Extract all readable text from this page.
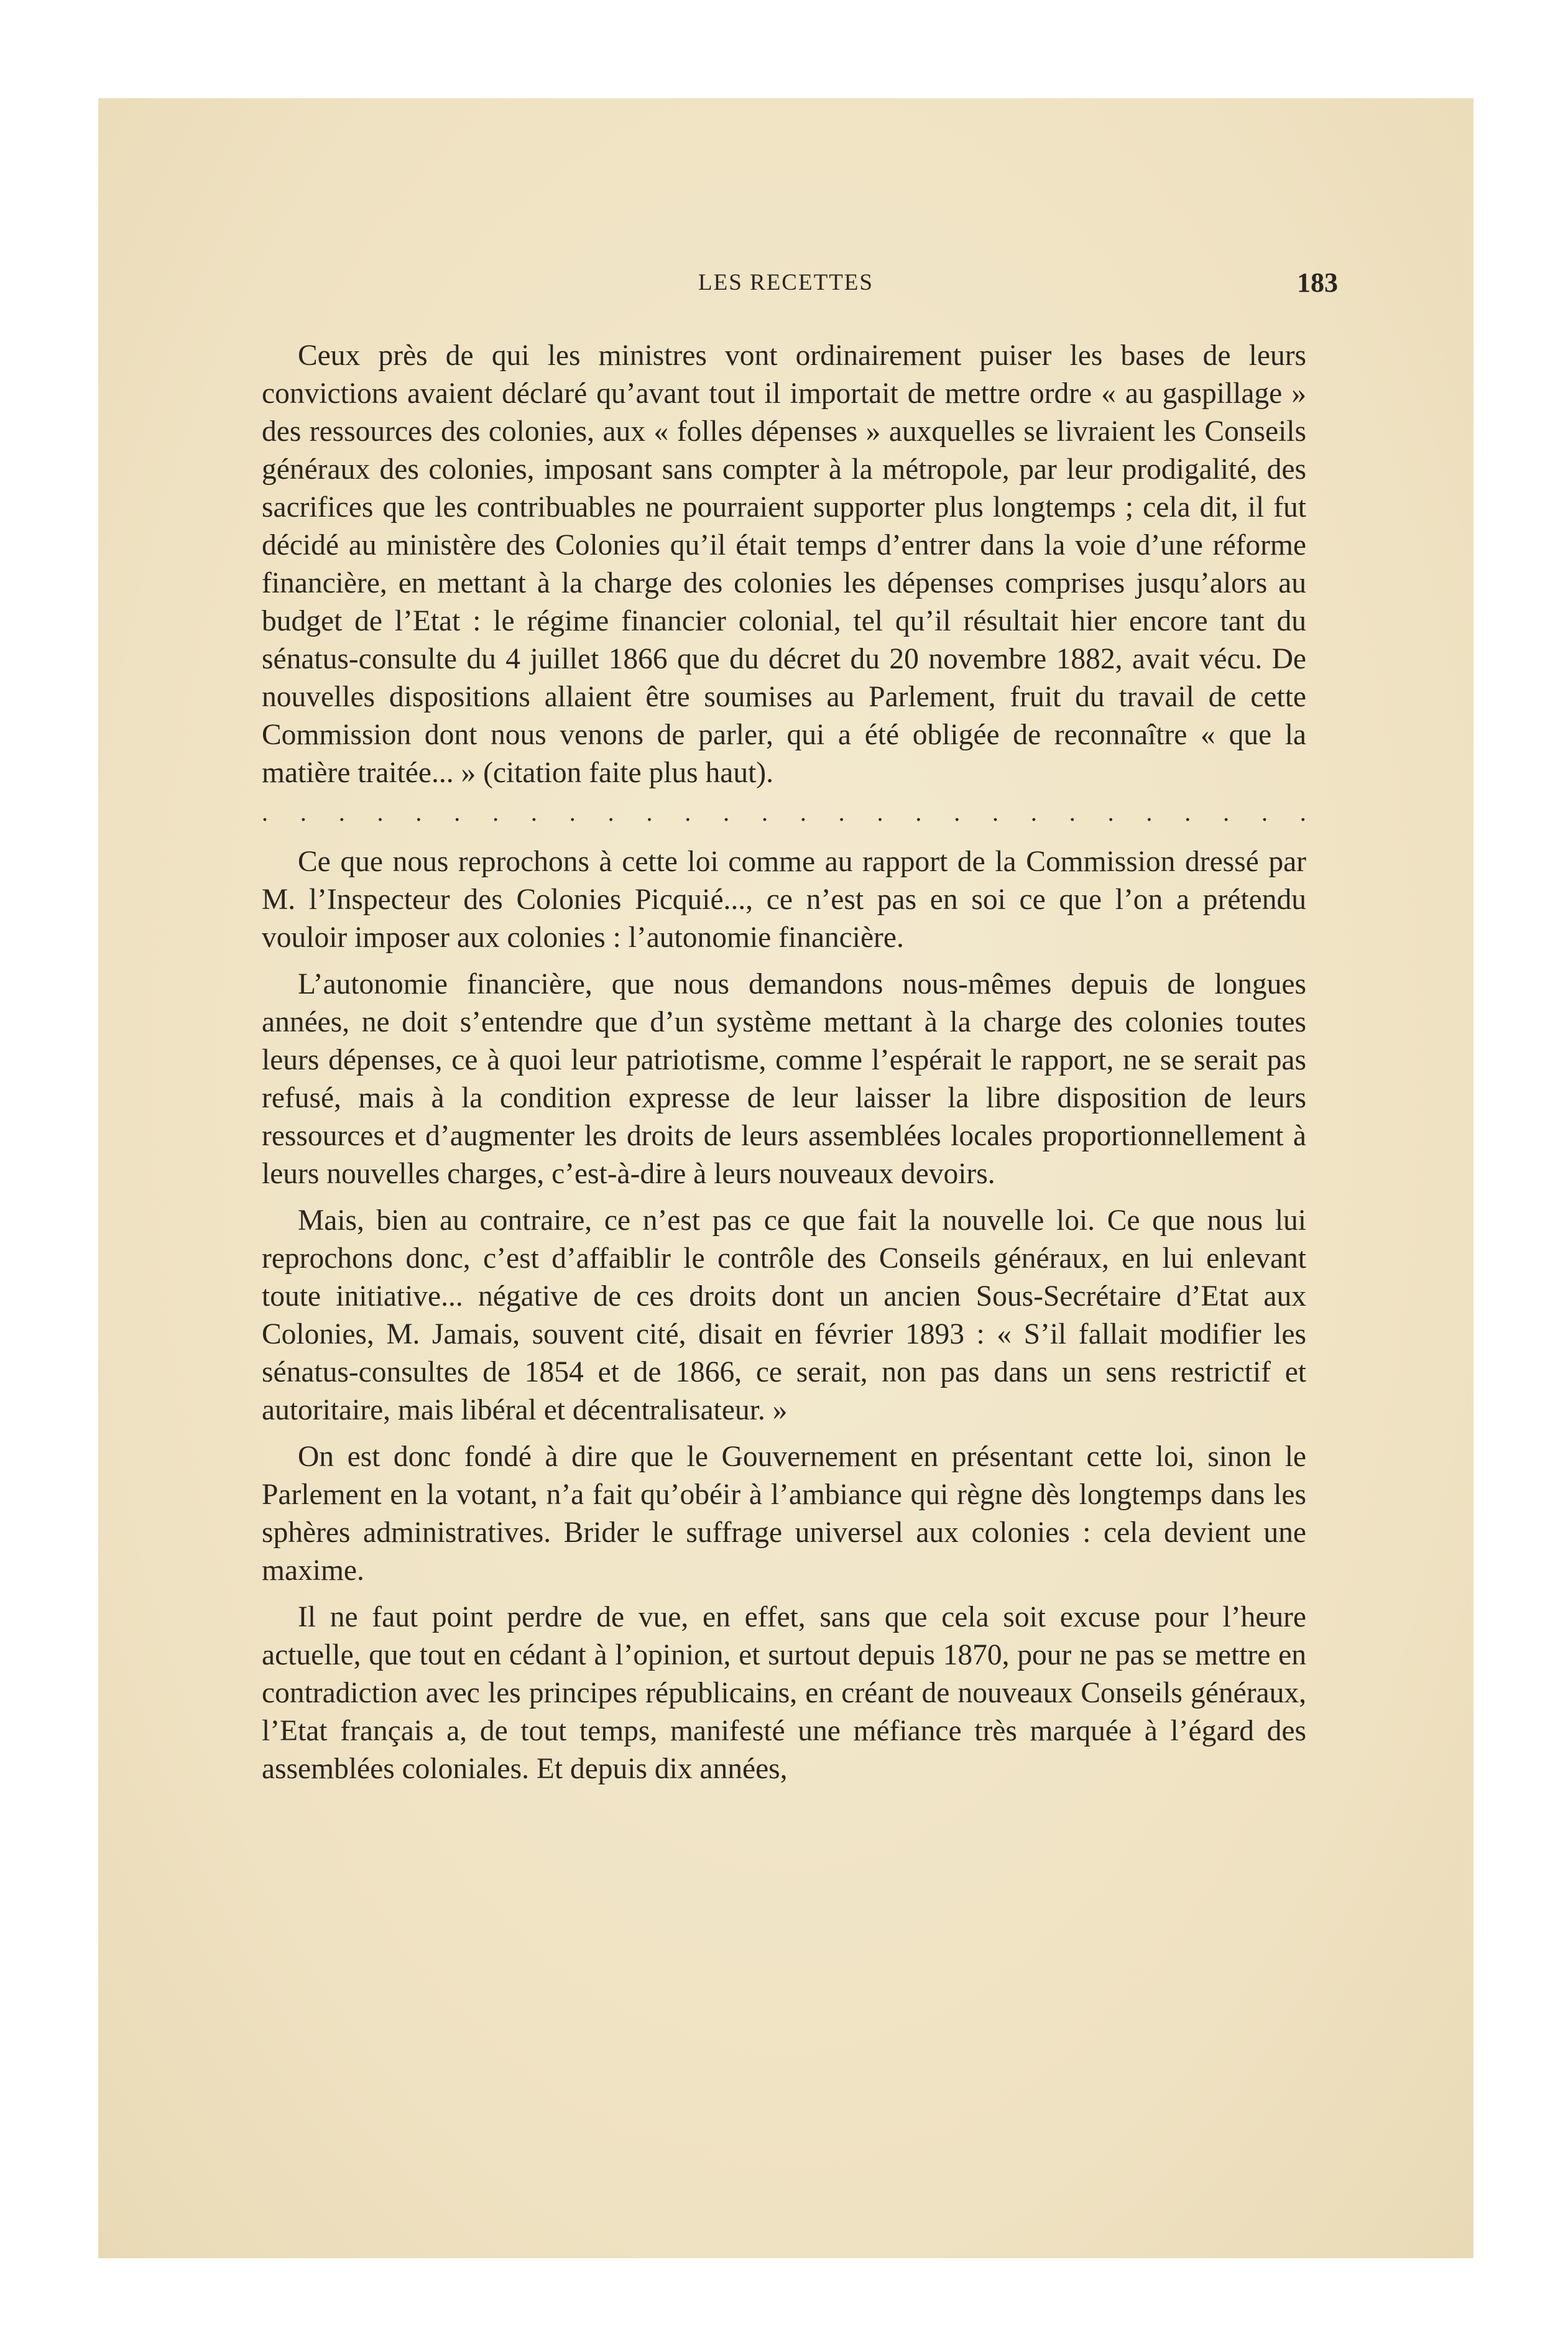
LES RECETTES	183

Ceux près de qui les ministres vont ordinairement puiser les bases de leurs convictions avaient déclaré qu’avant tout il importait de mettre ordre « au gaspillage » des ressources des colonies, aux « folles dépenses » auxquelles se livraient les Conseils généraux des colonies, imposant sans compter à la métropole, par leur prodigalité, des sacrifices que les contribuables ne pourraient supporter plus longtemps ; cela dit, il fut décidé au ministère des Colonies qu’il était temps d’entrer dans la voie d’une réforme financière, en mettant à la charge des colonies les dépenses comprises jusqu’alors au budget de l’Etat : le régime financier colonial, tel qu’il résultait hier encore tant du sénatus-consulte du 4 juillet 1866 que du décret du 20 novembre 1882, avait vécu. De nouvelles dispositions allaient être soumises au Parlement, fruit du travail de cette Commission dont nous venons de parler, qui a été obligée de reconnaître « que la matière traitée... » (citation faite plus haut).

. . . . . . . . . . . . . . . . . . . . . . . . . . . .

Ce que nous reprochons à cette loi comme au rapport de la Commission dressé par M. l’Inspecteur des Colonies Picquié..., ce n’est pas en soi ce que l’on a prétendu vouloir imposer aux colonies : l’autonomie financière.

L’autonomie financière, que nous demandons nous-mêmes depuis de longues années, ne doit s’entendre que d’un système mettant à la charge des colonies toutes leurs dépenses, ce à quoi leur patriotisme, comme l’espérait le rapport, ne se serait pas refusé, mais à la condition expresse de leur laisser la libre disposition de leurs ressources et d’augmenter les droits de leurs assemblées locales proportionnellement à leurs nouvelles charges, c’est-à-dire à leurs nouveaux devoirs.

Mais, bien au contraire, ce n’est pas ce que fait la nouvelle loi. Ce que nous lui reprochons donc, c’est d’affaiblir le contrôle des Conseils généraux, en lui enlevant toute initiative... négative de ces droits dont un ancien Sous-Secrétaire d’Etat aux Colonies, M. Jamais, souvent cité, disait en février 1893 : « S’il fallait modifier les sénatus-consultes de 1854 et de 1866, ce serait, non pas dans un sens restrictif et autoritaire, mais libéral et décentralisateur. »

On est donc fondé à dire que le Gouvernement en présentant cette loi, sinon le Parlement en la votant, n’a fait qu’obéir à l’ambiance qui règne dès longtemps dans les sphères administratives. Brider le suffrage universel aux colonies : cela devient une maxime.

Il ne faut point perdre de vue, en effet, sans que cela soit excuse pour l’heure actuelle, que tout en cédant à l’opinion, et surtout depuis 1870, pour ne pas se mettre en contradiction avec les principes républicains, en créant de nouveaux Conseils généraux, l’Etat français a, de tout temps, manifesté une méfiance très marquée à l’égard des assemblées coloniales. Et depuis dix années,
